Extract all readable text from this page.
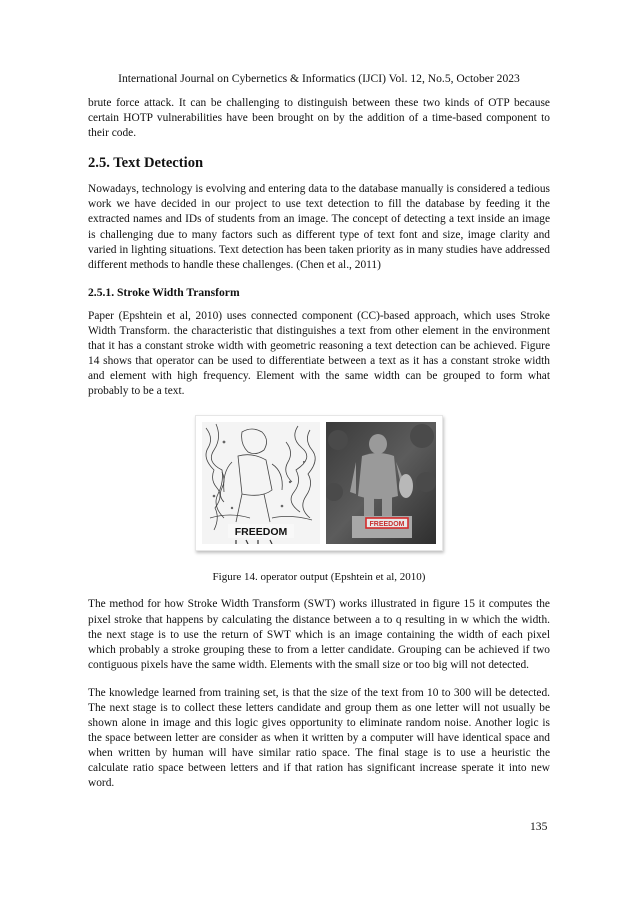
International Journal on Cybernetics & Informatics (IJCI) Vol. 12, No.5, October 2023

brute force attack. It can be challenging to distinguish between these two kinds of OTP because certain HOTP vulnerabilities have been brought on by the addition of a time-based component to their code.

2.5. Text Detection

Nowadays, technology is evolving and entering data to the database manually is considered a tedious work we have decided in our project to use text detection to fill the database by feeding it the extracted names and IDs of students from an image. The concept of detecting a text inside an image is challenging due to many factors such as different type of text font and size, image clarity and varied in lighting situations. Text detection has been taken priority as in many studies have addressed different methods to handle these challenges. (Chen et al., 2011)

2.5.1. Stroke Width Transform

Paper (Epshtein et al, 2010) uses connected component (CC)-based approach, which uses Stroke Width Transform. the characteristic that distinguishes a text from other element in the environment that it has a constant stroke width with geometric reasoning a text detection can be achieved. Figure 14 shows that operator can be used to differentiate between a text as it has a constant stroke width and element with high frequency. Element with the same width can be grouped to form what probably to be a text.

FREEDOM
FREEDOM
Figure 14. operator output (Epshtein et al, 2010)

The method for how Stroke Width Transform (SWT) works illustrated in figure 15 it computes the pixel stroke that happens by calculating the distance between a to q resulting in w which the width. the next stage is to use the return of SWT which is an image containing the width of each pixel which probably a stroke grouping these to from a letter candidate. Grouping can be achieved if two contiguous pixels have the same width. Elements with the small size or too big will not detected.

The knowledge learned from training set, is that the size of the text from 10 to 300 will be detected. The next stage is to collect these letters candidate and group them as one letter will not usually be shown alone in image and this logic gives opportunity to eliminate random noise. Another logic is the space between letter are consider as when it written by a computer will have identical space and when written by human will have similar ratio space. The final stage is to use a heuristic the calculate ratio space between letters and if that ration has significant increase sperate it into new word.

135
